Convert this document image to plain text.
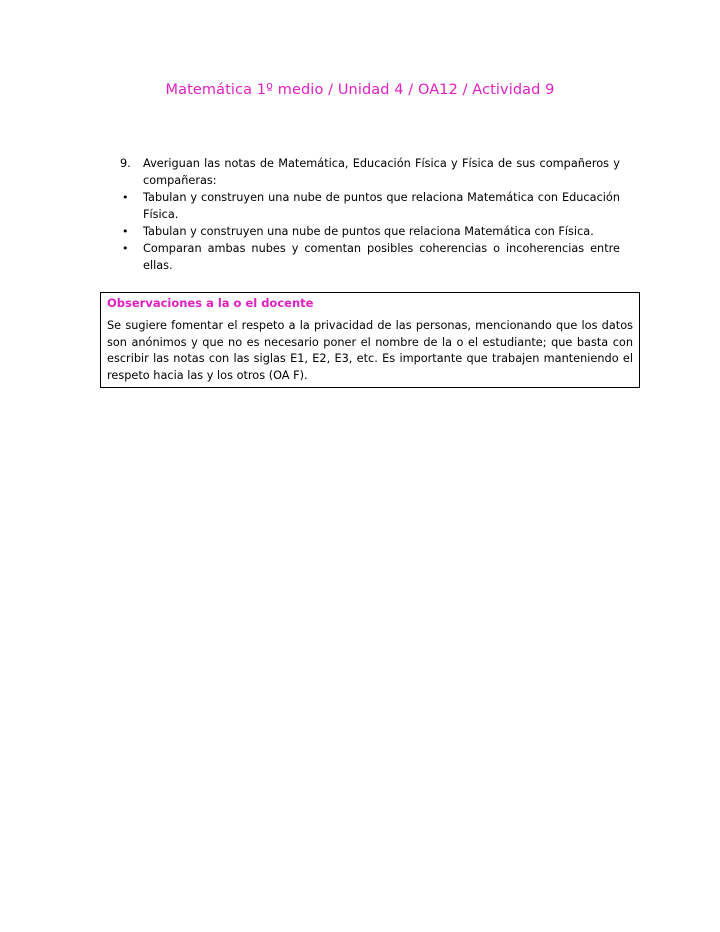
Matemática 1º medio / Unidad 4 / OA12 / Actividad 9
9.	Averiguan las notas de Matemática, Educación Física y Física de sus compañeros y compañeras:
•	Tabulan y construyen una nube de puntos que relaciona Matemática con Educación Física.
•	Tabulan y construyen una nube de puntos que relaciona Matemática con Física.
•	Comparan ambas nubes y comentan posibles coherencias o incoherencias entre ellas.
Observaciones a la o el docente
Se sugiere fomentar el respeto a la privacidad de las personas, mencionando que los datos son anónimos y que no es necesario poner el nombre de la o el estudiante; que basta con escribir las notas con las siglas E1, E2, E3, etc. Es importante que trabajen manteniendo el respeto hacia las y los otros (OA F).
